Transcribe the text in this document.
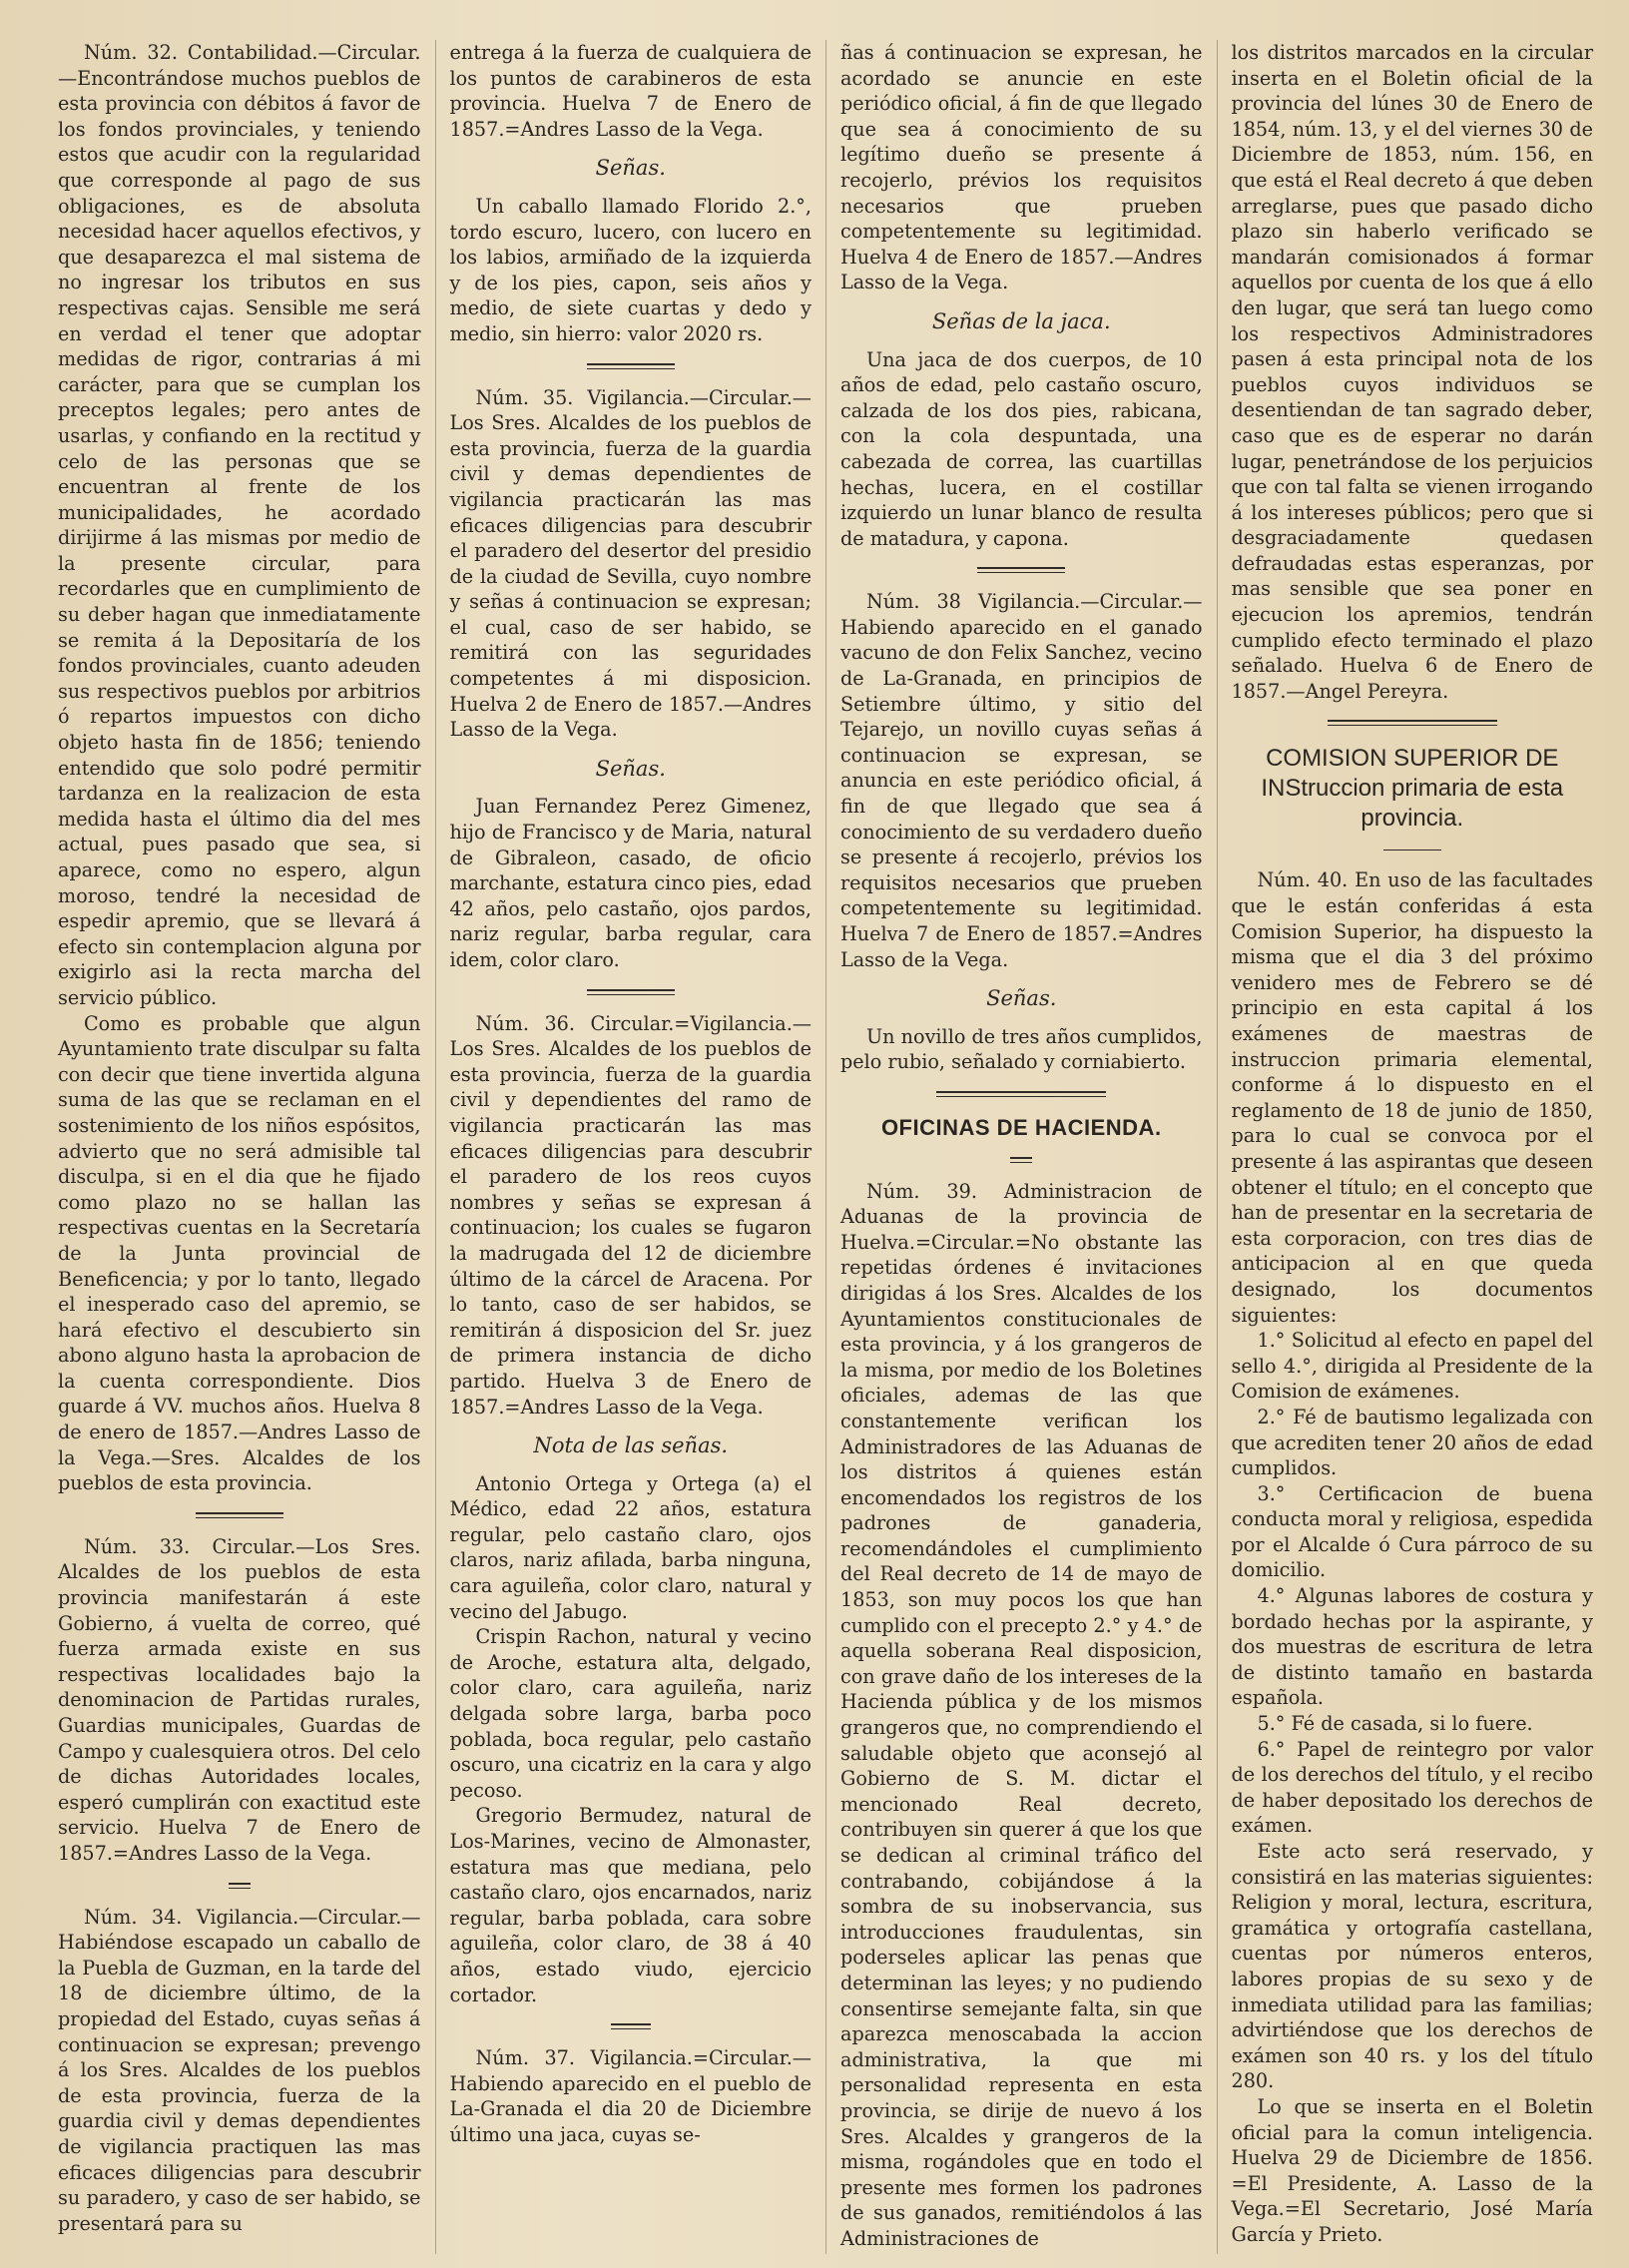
Núm. 32. Contabilidad.—Circular.—Encontrándose muchos pueblos de esta provincia con débitos á favor de los fondos provinciales, y teniendo estos que acudir con la regularidad que corresponde al pago de sus obligaciones, es de absoluta necesidad hacer aquellos efectivos, y que desaparezca el mal sistema de no ingresar los tributos en sus respectivas cajas. Sensible me será en verdad el tener que adoptar medidas de rigor, contrarias á mi carácter, para que se cumplan los preceptos legales; pero antes de usarlas, y confiando en la rectitud y celo de las personas que se encuentran al frente de los municipalidades, he acordado dirijirme á las mismas por medio de la presente circular, para recordarles que en cumplimiento de su deber hagan que inmediatamente se remita á la Depositaría de los fondos provinciales, cuanto adeuden sus respectivos pueblos por arbitrios ó repartos impuestos con dicho objeto hasta fin de 1856; teniendo entendido que solo podré permitir tardanza en la realizacion de esta medida hasta el último dia del mes actual, pues pasado que sea, si aparece, como no espero, algun moroso, tendré la necesidad de espedir apremio, que se llevará á efecto sin contemplacion alguna por exigirlo asi la recta marcha del servicio público.

Como es probable que algun Ayuntamiento trate disculpar su falta con decir que tiene invertida alguna suma de las que se reclaman en el sostenimiento de los niños espósitos, advierto que no será admisible tal disculpa, si en el dia que he fijado como plazo no se hallan las respectivas cuentas en la Secretaría de la Junta provincial de Beneficencia; y por lo tanto, llegado el inesperado caso del apremio, se hará efectivo el descubierto sin abono alguno hasta la aprobacion de la cuenta correspondiente. Dios guarde á VV. muchos años. Huelva 8 de enero de 1857.—Andres Lasso de la Vega.—Sres. Alcaldes de los pueblos de esta provincia.

Núm. 33. Circular.—Los Sres. Alcaldes de los pueblos de esta provincia manifestarán á este Gobierno, á vuelta de correo, qué fuerza armada existe en sus respectivas localidades bajo la denominacion de Partidas rurales, Guardias municipales, Guardas de Campo y cualesquiera otros. Del celo de dichas Autoridades locales, esperó cumplirán con exactitud este servicio. Huelva 7 de Enero de 1857.=Andres Lasso de la Vega.

Núm. 34. Vigilancia.—Circular.—Habiéndose escapado un caballo de la Puebla de Guzman, en la tarde del 18 de diciembre último, de la propiedad del Estado, cuyas señas á continuacion se expresan; prevengo á los Sres. Alcaldes de los pueblos de esta provincia, fuerza de la guardia civil y demas dependientes de vigilancia practiquen las mas eficaces diligencias para descubrir su paradero, y caso de ser habido, se presentará para su

entrega á la fuerza de cualquiera de los puntos de carabineros de esta provincia. Huelva 7 de Enero de 1857.=Andres Lasso de la Vega.

Señas.

Un caballo llamado Florido 2.°, tordo escuro, lucero, con lucero en los labios, armiñado de la izquierda y de los pies, capon, seis años y medio, de siete cuartas y dedo y medio, sin hierro: valor 2020 rs.

Núm. 35. Vigilancia.—Circular.—Los Sres. Alcaldes de los pueblos de esta provincia, fuerza de la guardia civil y demas dependientes de vigilancia practicarán las mas eficaces diligencias para descubrir el paradero del desertor del presidio de la ciudad de Sevilla, cuyo nombre y señas á continuacion se expresan; el cual, caso de ser habido, se remitirá con las seguridades competentes á mi disposicion. Huelva 2 de Enero de 1857.—Andres Lasso de la Vega.

Señas.

Juan Fernandez Perez Gimenez, hijo de Francisco y de Maria, natural de Gibraleon, casado, de oficio marchante, estatura cinco pies, edad 42 años, pelo castaño, ojos pardos, nariz regular, barba regular, cara idem, color claro.

Núm. 36. Circular.=Vigilancia.—Los Sres. Alcaldes de los pueblos de esta provincia, fuerza de la guardia civil y dependientes del ramo de vigilancia practicarán las mas eficaces diligencias para descubrir el paradero de los reos cuyos nombres y señas se expresan á continuacion; los cuales se fugaron la madrugada del 12 de diciembre último de la cárcel de Aracena. Por lo tanto, caso de ser habidos, se remitirán á disposicion del Sr. juez de primera instancia de dicho partido. Huelva 3 de Enero de 1857.=Andres Lasso de la Vega.

Nota de las señas.

Antonio Ortega y Ortega (a) el Médico, edad 22 años, estatura regular, pelo castaño claro, ojos claros, nariz afilada, barba ninguna, cara aguileña, color claro, natural y vecino del Jabugo.

Crispin Rachon, natural y vecino de Aroche, estatura alta, delgado, color claro, cara aguileña, nariz delgada sobre larga, barba poco poblada, boca regular, pelo castaño oscuro, una cicatriz en la cara y algo pecoso.

Gregorio Bermudez, natural de Los-Marines, vecino de Almonaster, estatura mas que mediana, pelo castaño claro, ojos encarnados, nariz regular, barba poblada, cara sobre aguileña, color claro, de 38 á 40 años, estado viudo, ejercicio cortador.

Núm. 37. Vigilancia.=Circular.—Habiendo aparecido en el pueblo de La-Granada el dia 20 de Diciembre último una jaca, cuyas se-

ñas á continuacion se expresan, he acordado se anuncie en este periódico oficial, á fin de que llegado que sea á conocimiento de su legítimo dueño se presente á recojerlo, prévios los requisitos necesarios que prueben competentemente su legitimidad. Huelva 4 de Enero de 1857.—Andres Lasso de la Vega.

Señas de la jaca.

Una jaca de dos cuerpos, de 10 años de edad, pelo castaño oscuro, calzada de los dos pies, rabicana, con la cola despuntada, una cabezada de correa, las cuartillas hechas, lucera, en el costillar izquierdo un lunar blanco de resulta de matadura, y capona.

Núm. 38 Vigilancia.—Circular.—Habiendo aparecido en el ganado vacuno de don Felix Sanchez, vecino de La-Granada, en principios de Setiembre último, y sitio del Tejarejo, un novillo cuyas señas á continuacion se expresan, se anuncia en este periódico oficial, á fin de que llegado que sea á conocimiento de su verdadero dueño se presente á recojerlo, prévios los requisitos necesarios que prueben competentemente su legitimidad. Huelva 7 de Enero de 1857.=Andres Lasso de la Vega.

Señas.

Un novillo de tres años cumplidos, pelo rubio, señalado y corniabierto.

OFICINAS DE HACIENDA.

Núm. 39. Administracion de Aduanas de la provincia de Huelva.=Circular.=No obstante las repetidas órdenes é invitaciones dirigidas á los Sres. Alcaldes de los Ayuntamientos constitucionales de esta provincia, y á los grangeros de la misma, por medio de los Boletines oficiales, ademas de las que constantemente verifican los Administradores de las Aduanas de los distritos á quienes están encomendados los registros de los padrones de ganaderia, recomendándoles el cumplimiento del Real decreto de 14 de mayo de 1853, son muy pocos los que han cumplido con el precepto 2.° y 4.° de aquella soberana Real disposicion, con grave daño de los intereses de la Hacienda pública y de los mismos grangeros que, no comprendiendo el saludable objeto que aconsejó al Gobierno de S. M. dictar el mencionado Real decreto, contribuyen sin querer á que los que se dedican al criminal tráfico del contrabando, cobijándose á la sombra de su inobservancia, sus introducciones fraudulentas, sin poderseles aplicar las penas que determinan las leyes; y no pudiendo consentirse semejante falta, sin que aparezca menoscabada la accion administrativa, la que mi personalidad representa en esta provincia, se dirije de nuevo á los Sres. Alcaldes y grangeros de la misma, rogándoles que en todo el presente mes formen los padrones de sus ganados, remitiéndolos á las Administraciones de

los distritos marcados en la circular inserta en el Boletin oficial de la provincia del lúnes 30 de Enero de 1854, núm. 13, y el del viernes 30 de Diciembre de 1853, núm. 156, en que está el Real decreto á que deben arreglarse, pues que pasado dicho plazo sin haberlo verificado se mandarán comisionados á formar aquellos por cuenta de los que á ello den lugar, que será tan luego como los respectivos Administradores pasen á esta principal nota de los pueblos cuyos individuos se desentiendan de tan sagrado deber, caso que es de esperar no darán lugar, penetrándose de los perjuicios que con tal falta se vienen irrogando á los intereses públicos; pero que si desgraciadamente quedasen defraudadas estas esperanzas, por mas sensible que sea poner en ejecucion los apremios, tendrán cumplido efecto terminado el plazo señalado. Huelva 6 de Enero de 1857.—Angel Pereyra.

COMISION SUPERIOR DE INStruccion primaria de esta provincia.

Núm. 40. En uso de las facultades que le están conferidas á esta Comision Superior, ha dispuesto la misma que el dia 3 del próximo venidero mes de Febrero se dé principio en esta capital á los exámenes de maestras de instruccion primaria elemental, conforme á lo dispuesto en el reglamento de 18 de junio de 1850, para lo cual se convoca por el presente á las aspirantas que deseen obtener el título; en el concepto que han de presentar en la secretaria de esta corporacion, con tres dias de anticipacion al en que queda designado, los documentos siguientes:

1.° Solicitud al efecto en papel del sello 4.°, dirigida al Presidente de la Comision de exámenes.

2.° Fé de bautismo legalizada con que acrediten tener 20 años de edad cumplidos.

3.° Certificacion de buena conducta moral y religiosa, espedida por el Alcalde ó Cura párroco de su domicilio.

4.° Algunas labores de costura y bordado hechas por la aspirante, y dos muestras de escritura de letra de distinto tamaño en bastarda española.

5.° Fé de casada, si lo fuere.

6.° Papel de reintegro por valor de los derechos del título, y el recibo de haber depositado los derechos de exámen.

Este acto será reservado, y consistirá en las materias siguientes: Religion y moral, lectura, escritura, gramática y ortografía castellana, cuentas por números enteros, labores propias de su sexo y de inmediata utilidad para las familias; advirtiéndose que los derechos de exámen son 40 rs. y los del título 280.

Lo que se inserta en el Boletin oficial para la comun inteligencia. Huelva 29 de Diciembre de 1856. =El Presidente, A. Lasso de la Vega.=El Secretario, José María García y Prieto.
